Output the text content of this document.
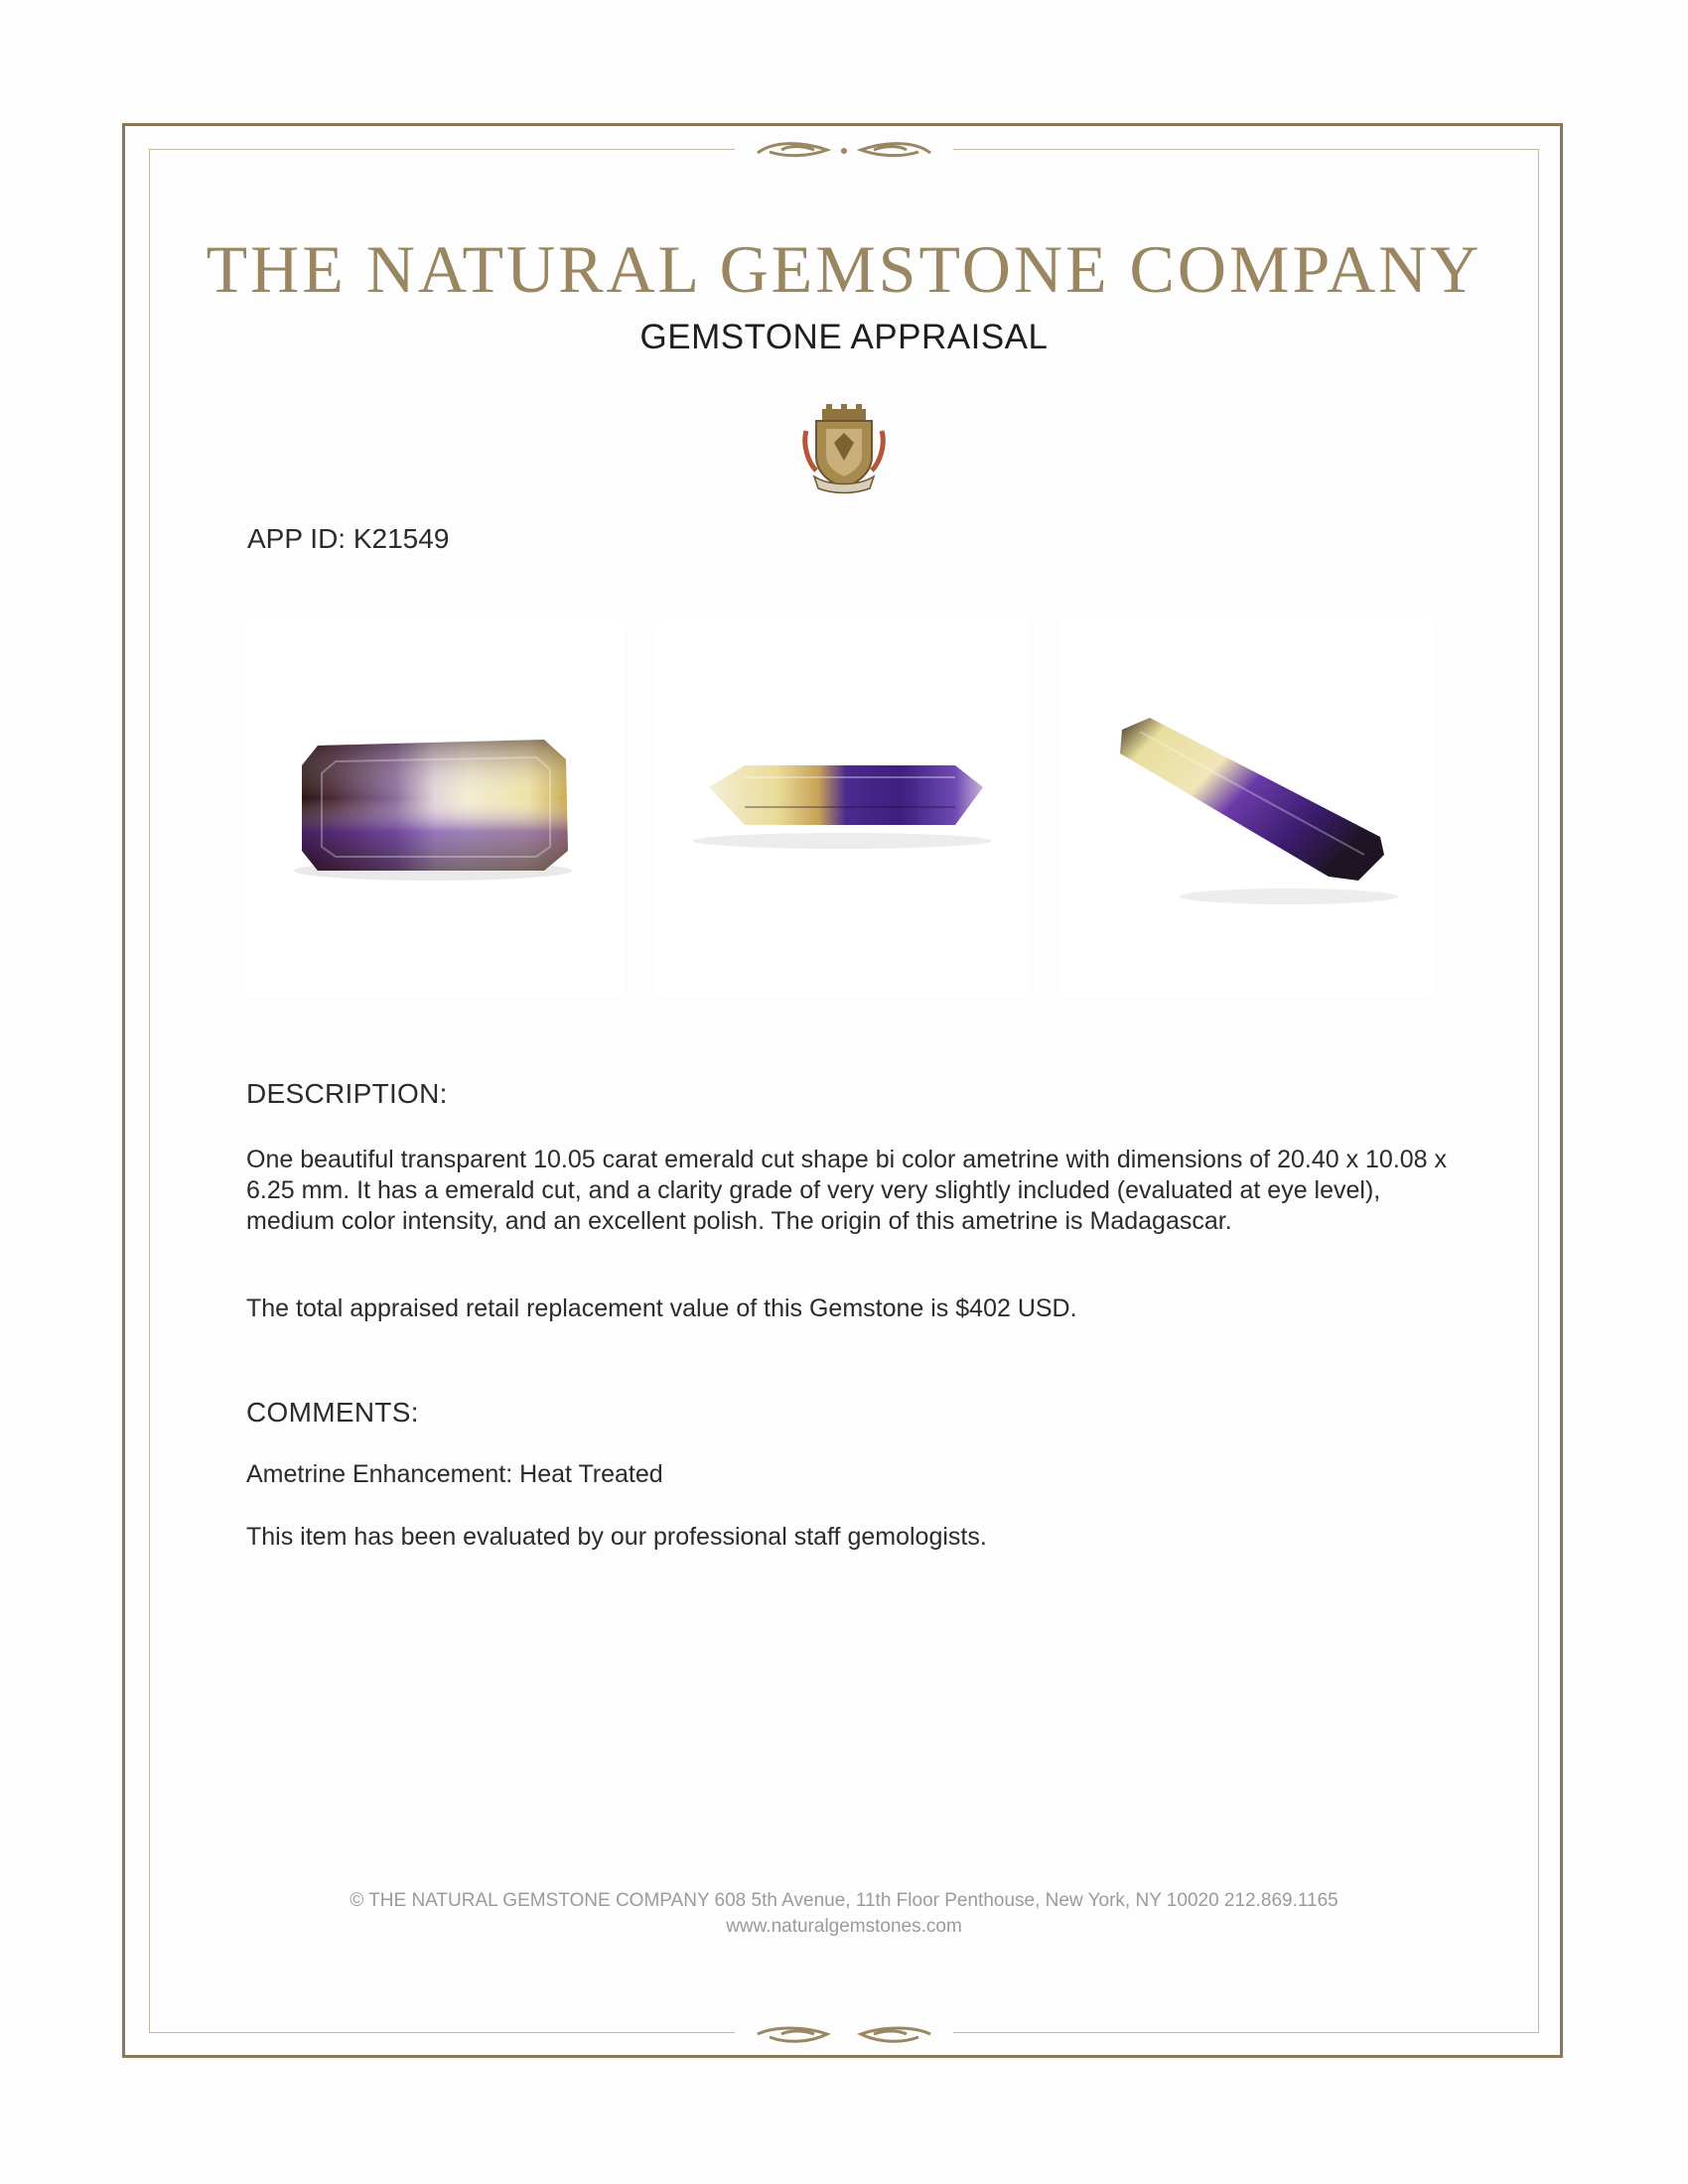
THE NATURAL GEMSTONE COMPANY
GEMSTONE APPRAISAL
APP ID: K21549
DESCRIPTION:
One beautiful transparent 10.05 carat emerald cut shape bi color ametrine with dimensions of 20.40 x 10.08 x 6.25 mm. It has a emerald cut, and a clarity grade of very very slightly included (evaluated at eye level), medium color intensity, and an excellent polish. The origin of this ametrine is Madagascar.
The total appraised retail replacement value of this Gemstone is $402 USD.
COMMENTS:
Ametrine Enhancement: Heat Treated
This item has been evaluated by our professional staff gemologists.
© THE NATURAL GEMSTONE COMPANY 608 5th Avenue, 11th Floor Penthouse, New York, NY 10020 212.869.1165
www.naturalgemstones.com
